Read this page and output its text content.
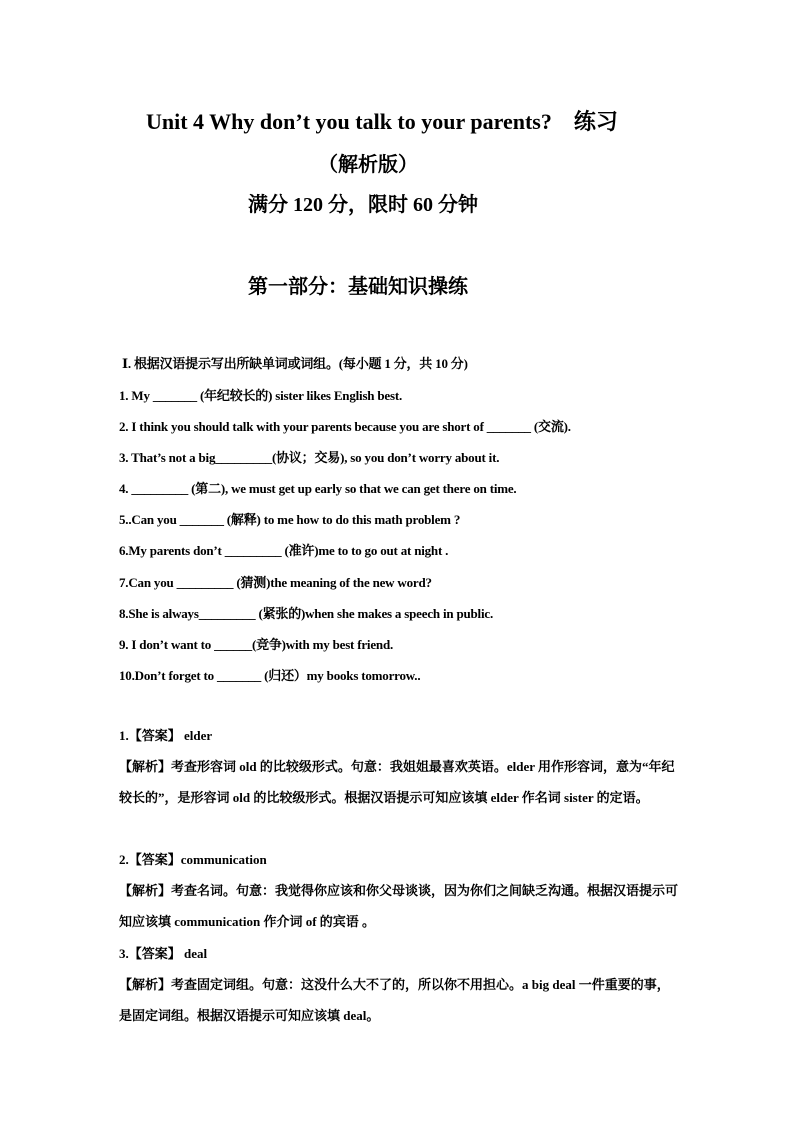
Unit 4 Why don’t you talk to your parents?　练习
（解析版）
满分 120 分，限时 60 分钟
第一部分：基础知识操练
Ⅰ. 根据汉语提示写出所缺单词或词组。(每小题 1 分，共 10 分)
1. My _______ (年纪较长的) sister likes English best.
2. I think you should talk with your parents because you are short of _______ (交流).
3. That’s not a big_________(协议；交易), so you don’t worry about it.
4. _________ (第二), we must get up early so that we can get there on time.
5..Can you _______ (解释) to me how to do this math problem ?
6.My parents don’t _________ (准许)me to to go out at night .
7.Can you _________ (猜测)the meaning of the new word?
8.She is always_________ (紧张的)when she makes a speech in public.
9. I don’t want to ______(竞争)with my best friend.
10.Don’t forget to _______ (归还）my books tomorrow..
1.【答案】 elder
【解析】考查形容词 old 的比较级形式。句意：我姐姐最喜欢英语。elder 用作形容词，意为“年纪较长的”，是形容词 old 的比较级形式。根据汉语提示可知应该填 elder 作名词 sister 的定语。
2.【答案】communication
【解析】考查名词。句意：我觉得你应该和你父母谈谈，因为你们之间缺乏沟通。根据汉语提示可知应该填 communication 作介词 of 的宾语 。
3.【答案】 deal
【解析】考查固定词组。句意：这没什么大不了的，所以你不用担心。a big deal 一件重要的事，是固定词组。根据汉语提示可知应该填 deal。
